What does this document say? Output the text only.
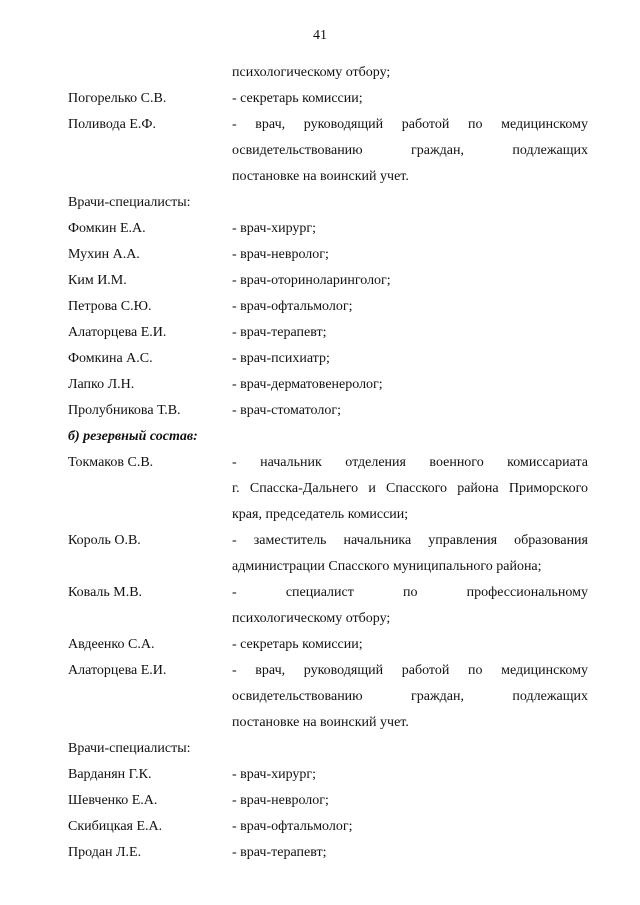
41
психологическому отбору;
Погорелько С.В.	- секретарь комиссии;
Поливода Е.Ф.	- врач, руководящий работой по медицинскому
освидетельствованию граждан, подлежащих
постановке на воинский учет.
Врачи-специалисты:
Фомкин Е.А.	- врач-хирург;
Мухин А.А.	- врач-невролог;
Ким И.М.	- врач-оториноларинголог;
Петрова С.Ю.	- врач-офтальмолог;
Алаторцева Е.И.	- врач-терапевт;
Фомкина А.С.	- врач-психиатр;
Лапко Л.Н.	- врач-дерматовенеролог;
Пролубникова Т.В.	- врач-стоматолог;
б) резервный состав:
Токмаков С.В.	- начальник отделения военного комиссариата
г. Спасска-Дальнего и Спасского района Приморского
края, председатель комиссии;
Король О.В.	- заместитель начальника управления образования
администрации Спасского муниципального района;
Коваль М.В.	- специалист по профессиональному
психологическому отбору;
Авдеенко С.А.	- секретарь комиссии;
Алаторцева Е.И.	- врач, руководящий работой по медицинскому
освидетельствованию граждан, подлежащих
постановке на воинский учет.
Врачи-специалисты:
Варданян Г.К.	- врач-хирург;
Шевченко Е.А.	- врач-невролог;
Скибицкая Е.А.	- врач-офтальмолог;
Продан Л.Е.	- врач-терапевт;
